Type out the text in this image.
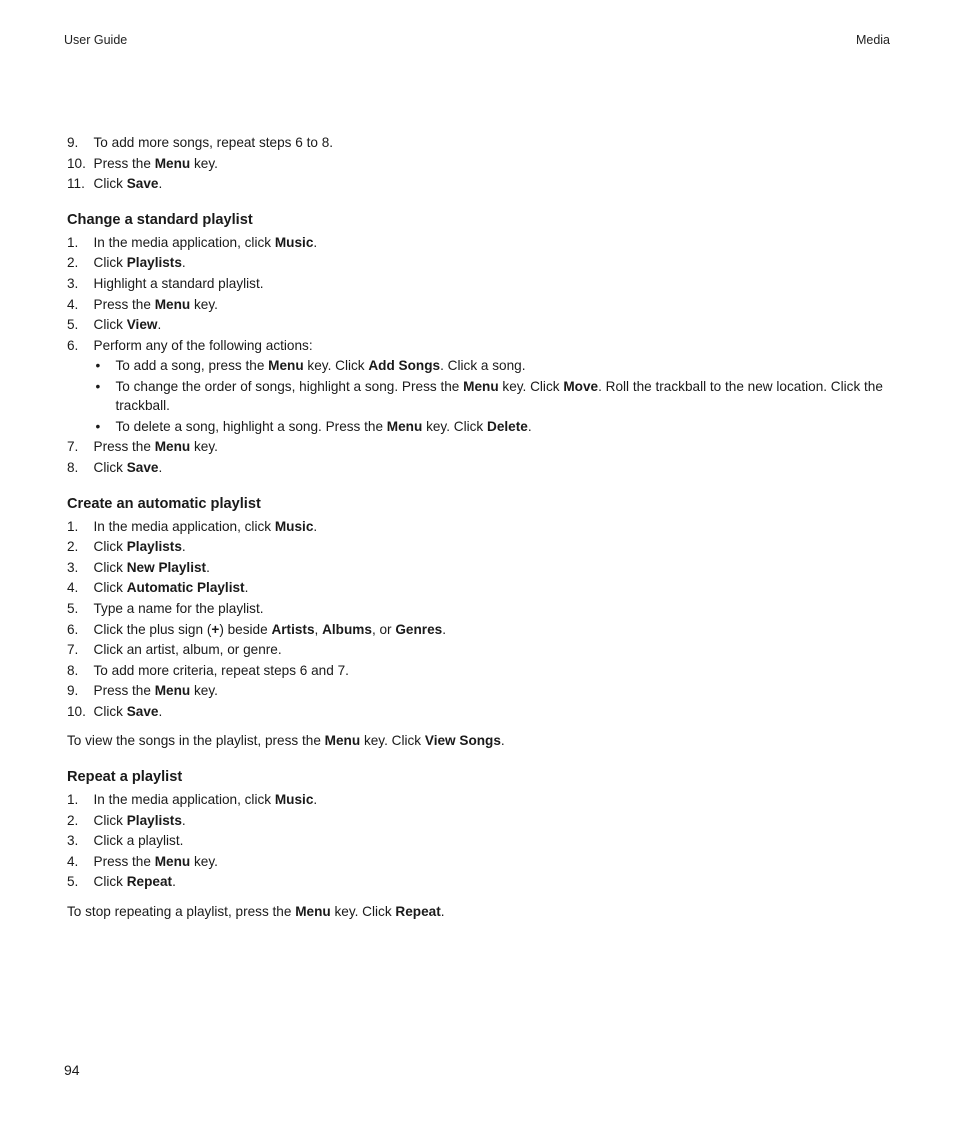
User Guide	Media
9. To add more songs, repeat steps 6 to 8.
10. Press the Menu key.
11. Click Save.
Change a standard playlist
1. In the media application, click Music.
2. Click Playlists.
3. Highlight a standard playlist.
4. Press the Menu key.
5. Click View.
6. Perform any of the following actions:
• To add a song, press the Menu key. Click Add Songs. Click a song.
• To change the order of songs, highlight a song. Press the Menu key. Click Move. Roll the trackball to the new location. Click the trackball.
• To delete a song, highlight a song. Press the Menu key. Click Delete.
7. Press the Menu key.
8. Click Save.
Create an automatic playlist
1. In the media application, click Music.
2. Click Playlists.
3. Click New Playlist.
4. Click Automatic Playlist.
5. Type a name for the playlist.
6. Click the plus sign (+) beside Artists, Albums, or Genres.
7. Click an artist, album, or genre.
8. To add more criteria, repeat steps 6 and 7.
9. Press the Menu key.
10. Click Save.

To view the songs in the playlist, press the Menu key. Click View Songs.

Repeat a playlist
1. In the media application, click Music.
2. Click Playlists.
3. Click a playlist.
4. Press the Menu key.
5. Click Repeat.

To stop repeating a playlist, press the Menu key. Click Repeat.

94
